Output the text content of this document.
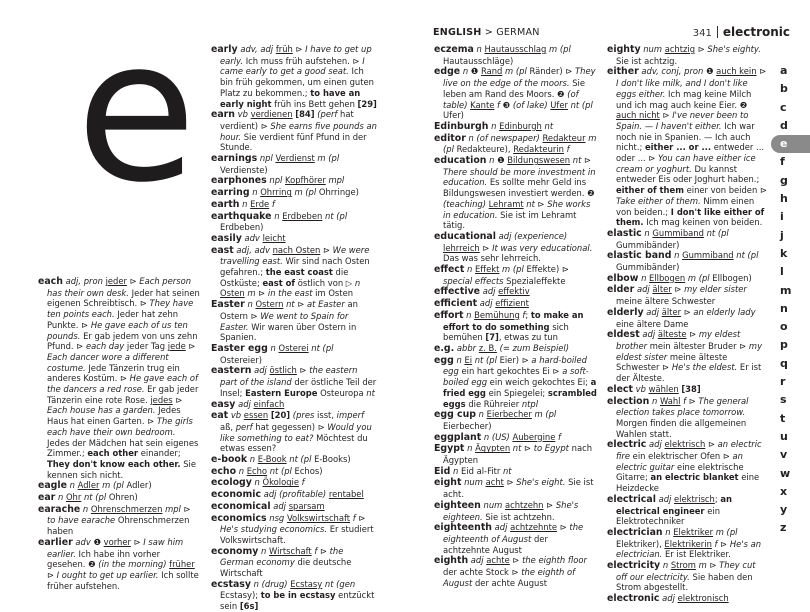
ENGLISH > GERMAN	341 electronic
e

each adj, pron jeder ⊳ Each person has their own desk. Jeder hat seinen eigenen Schreibtisch. ⊳ They have ten points each. Jeder hat zehn Punkte. ⊳ He gave each of us ten pounds. Er gab jedem von uns zehn Pfund. ⊳ each day jeder Tag jede ⊳ Each dancer wore a different costume. Jede Tänzerin trug ein anderes Kostüm. ⊳ He gave each of the dancers a red rose. Er gab jeder Tänzerin eine rote Rose. jedes ⊳ Each house has a garden. Jedes Haus hat einen Garten. ⊳ The girls each have their own bedroom. Jedes der Mädchen hat sein eigenes Zimmer.; each other einander; They don't know each other. Sie kennen sich nicht.

eagle n Adler m (pl Adler)

ear n Ohr nt (pl Ohren)

earache n Ohrenschmerzen mpl ⊳ to have earache Ohrenschmerzen haben

earlier adv ❶ vorher ⊳ I saw him earlier. Ich habe ihn vorher gesehen. ❷ (in the morning) früher ⊳ I ought to get up earlier. Ich sollte früher aufstehen.

early adv, adj früh ⊳ I have to get up early. Ich muss früh aufstehen. ⊳ I came early to get a good seat. Ich bin früh gekommen, um einen guten Platz zu bekommen.; to have an early night früh ins Bett gehen [29]

earn vb verdienen [84] (perf hat verdient) ⊳ She earns five pounds an hour. Sie verdient fünf Pfund in der Stunde.

earnings npl Verdienst m (pl Verdienste)

earphones npl Kopfhörer mpl

earring n Ohrring m (pl Ohrringe)

earth n Erde f

earthquake n Erdbeben nt (pl Erdbeben)

easily adv leicht

east adj, adv nach Osten ⊳ We were travelling east. Wir sind nach Osten gefahren.; the east coast die Ostküste; east of östlich von ▷ n Osten m ⊳ in the east im Osten

Easter n Ostern nt ⊳ at Easter an Ostern ⊳ We went to Spain for Easter. Wir waren über Ostern in Spanien.

Easter egg n Osterei nt (pl Ostereier)

eastern adj östlich ⊳ the eastern part of the island der östliche Teil der Insel; Eastern Europe Osteuropa nt

easy adj einfach

eat vb essen [20] (pres isst, imperf aß, perf hat gegessen) ⊳ Would you like something to eat? Möchtest du etwas essen?

e-book n E-Book nt (pl E-Books)

echo n Echo nt (pl Echos)

ecology n Ökologie f

economic adj (profitable) rentabel

economical adj sparsam

economics nsg Volkswirtschaft f ⊳ He's studying economics. Er studiert Volkswirtschaft.

economy n Wirtschaft f ⊳ the German economy die deutsche Wirtschaft

ecstasy n (drug) Ecstasy nt (gen Ecstasy); to be in ecstasy entzückt sein [6s]

eczema n Hautausschlag m (pl Hautausschläge)

edge n ❶ Rand m (pl Ränder) ⊳ They live on the edge of the moors. Sie leben am Rand des Moors. ❷ (of table) Kante f ❸ (of lake) Ufer nt (pl Ufer)

Edinburgh n Edinburgh nt

editor n (of newspaper) Redakteur m (pl Redakteure), Redakteurin f

education n ❶ Bildungswesen nt ⊳ There should be more investment in education. Es sollte mehr Geld ins Bildungswesen investiert werden. ❷ (teaching) Lehramt nt ⊳ She works in education. Sie ist im Lehramt tätig.

educational adj (experience) lehrreich ⊳ It was very educational. Das was sehr lehrreich.

effect n Effekt m (pl Effekte) ⊳ special effects Spezialeffekte

effective adj effektiv

efficient adj effizient

effort n Bemühung f; to make an effort to do something sich bemühen [7], etwas zu tun

e.g. abbr z. B. (= zum Beispiel)

egg n Ei nt (pl Eier) ⊳ a hard-boiled egg ein hart gekochtes Ei ⊳ a soft-boiled egg ein weich gekochtes Ei; a fried egg ein Spiegelei; scrambled eggs die Rühreier ntpl

egg cup n Eierbecher m (pl Eierbecher)

eggplant n (US) Aubergine f

Egypt n Ägypten nt ⊳ to Egypt nach Ägypten

Eid n Eid al-Fitr nt

eight num acht ⊳ She's eight. Sie ist acht.

eighteen num achtzehn ⊳ She's eighteen. Sie ist achtzehn.

eighteenth adj achtzehnte ⊳ the eighteenth of August der achtzehnte August

eighth adj achte ⊳ the eighth floor der achte Stock ⊳ the eighth of August der achte August

eighty num achtzig ⊳ She's eighty. Sie ist achtzig.

either adv, conj, pron ❶ auch kein ⊳ I don't like milk, and I don't like eggs either. Ich mag keine Milch und ich mag auch keine Eier. ❷ auch nicht ⊳ I've never been to Spain. — I haven't either. Ich war noch nie in Spanien. — Ich auch nicht.; either ... or ... entweder ... oder ... ⊳ You can have either ice cream or yoghurt. Du kannst entweder Eis oder Joghurt haben.; either of them einer von beiden ⊳ Take either of them. Nimm einen von beiden.; I don't like either of them. Ich mag keinen von beiden.

elastic n Gummiband nt (pl Gummibänder)

elastic band n Gummiband nt (pl Gummibänder)

elbow n Ellbogen m (pl Ellbogen)

elder adj älter ⊳ my elder sister meine ältere Schwester

elderly adj älter ⊳ an elderly lady eine ältere Dame

eldest adj älteste ⊳ my eldest brother mein ältester Bruder ⊳ my eldest sister meine älteste Schwester ⊳ He's the eldest. Er ist der Älteste.

elect vb wählen [38]

election n Wahl f ⊳ The general election takes place tomorrow. Morgen finden die allgemeinen Wahlen statt.

electric adj elektrisch ⊳ an electric fire ein elektrischer Ofen ⊳ an electric guitar eine elektrische Gitarre; an electric blanket eine Heizdecke

electrical adj elektrisch; an electrical engineer ein Elektrotechniker

electrician n Elektriker m (pl Elektriker), Elektrikerin f ⊳ He's an electrician. Er ist Elektriker.

electricity n Strom m ⊳ They cut off our electricity. Sie haben den Strom abgestellt.

electronic adj elektronisch

a
b
c
d
e
f
g
h
i
j
k
l
m
n
o
p
q
r
s
t
u
v
w
x
y
z
